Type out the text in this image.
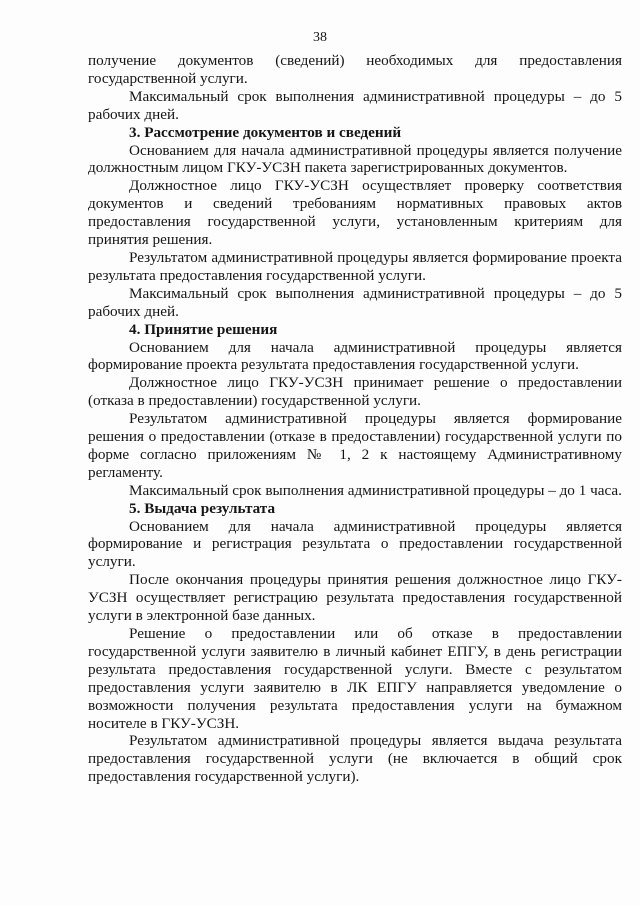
38

получение документов (сведений) необходимых для предоставления государственной услуги.

Максимальный срок выполнения административной процедуры – до 5 рабочих дней.

3. Рассмотрение документов и сведений

Основанием для начала административной процедуры является получение должностным лицом ГКУ-УСЗН пакета зарегистрированных документов.

Должностное лицо ГКУ-УСЗН осуществляет проверку соответствия документов и сведений требованиям нормативных правовых актов предоставления государственной услуги, установленным критериям для принятия решения.

Результатом административной процедуры является формирование проекта результата предоставления государственной услуги.

Максимальный срок выполнения административной процедуры – до 5 рабочих дней.

4. Принятие решения

Основанием для начала административной процедуры является формирование проекта результата предоставления государственной услуги.

Должностное лицо ГКУ-УСЗН принимает решение о предоставлении (отказа в предоставлении) государственной услуги.

Результатом административной процедуры является формирование решения о предоставлении (отказе в предоставлении) государственной услуги по форме согласно приложениям № 1, 2 к настоящему Административному регламенту.

Максимальный срок выполнения административной процедуры – до 1 часа.

5. Выдача результата

Основанием для начала административной процедуры является формирование и регистрация результата о предоставлении государственной услуги.

После окончания процедуры принятия решения должностное лицо ГКУ-УСЗН осуществляет регистрацию результата предоставления государственной услуги в электронной базе данных.

Решение о предоставлении или об отказе в предоставлении государственной услуги заявителю в личный кабинет ЕПГУ, в день регистрации результата предоставления государственной услуги. Вместе с результатом предоставления услуги заявителю в ЛК ЕПГУ направляется уведомление о возможности получения результата предоставления услуги на бумажном носителе в ГКУ-УСЗН.

Результатом административной процедуры является выдача результата предоставления государственной услуги (не включается в общий срок предоставления государственной услуги).
